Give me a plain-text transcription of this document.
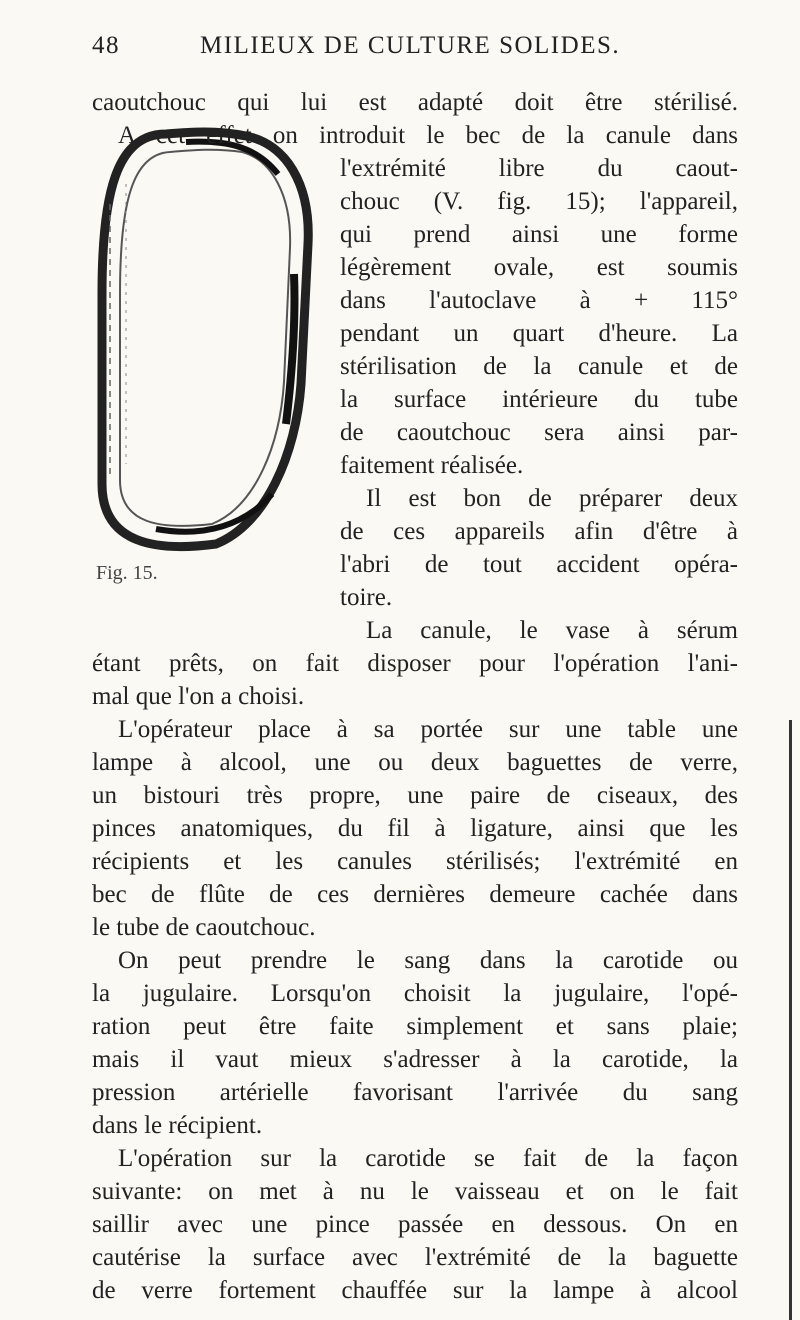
48	MILIEUX DE CULTURE SOLIDES.
Fig. 15.
caoutchouc qui lui est adapté doit être stérilisé.
A cet effet on introduit le bec de la canule dans
l'extrémité libre du caout-
chouc (V. fig. 15); l'appareil,
qui prend ainsi une forme
légèrement ovale, est soumis
dans l'autoclave à + 115°
pendant un quart d'heure. La
stérilisation de la canule et de
la surface intérieure du tube
de caoutchouc sera ainsi par-
faitement réalisée.
Il est bon de préparer deux
de ces appareils afin d'être à
l'abri de tout accident opéra-
toire.
La canule, le vase à sérum
étant prêts, on fait disposer pour l'opération l'ani-
mal que l'on a choisi.
L'opérateur place à sa portée sur une table une
lampe à alcool, une ou deux baguettes de verre,
un bistouri très propre, une paire de ciseaux, des
pinces anatomiques, du fil à ligature, ainsi que les
récipients et les canules stérilisés; l'extrémité en
bec de flûte de ces dernières demeure cachée dans
le tube de caoutchouc.
On peut prendre le sang dans la carotide ou
la jugulaire. Lorsqu'on choisit la jugulaire, l'opé-
ration peut être faite simplement et sans plaie;
mais il vaut mieux s'adresser à la carotide, la
pression artérielle favorisant l'arrivée du sang
dans le récipient.
L'opération sur la carotide se fait de la façon
suivante: on met à nu le vaisseau et on le fait
saillir avec une pince passée en dessous. On en
cautérise la surface avec l'extrémité de la baguette
de verre fortement chauffée sur la lampe à alcool
